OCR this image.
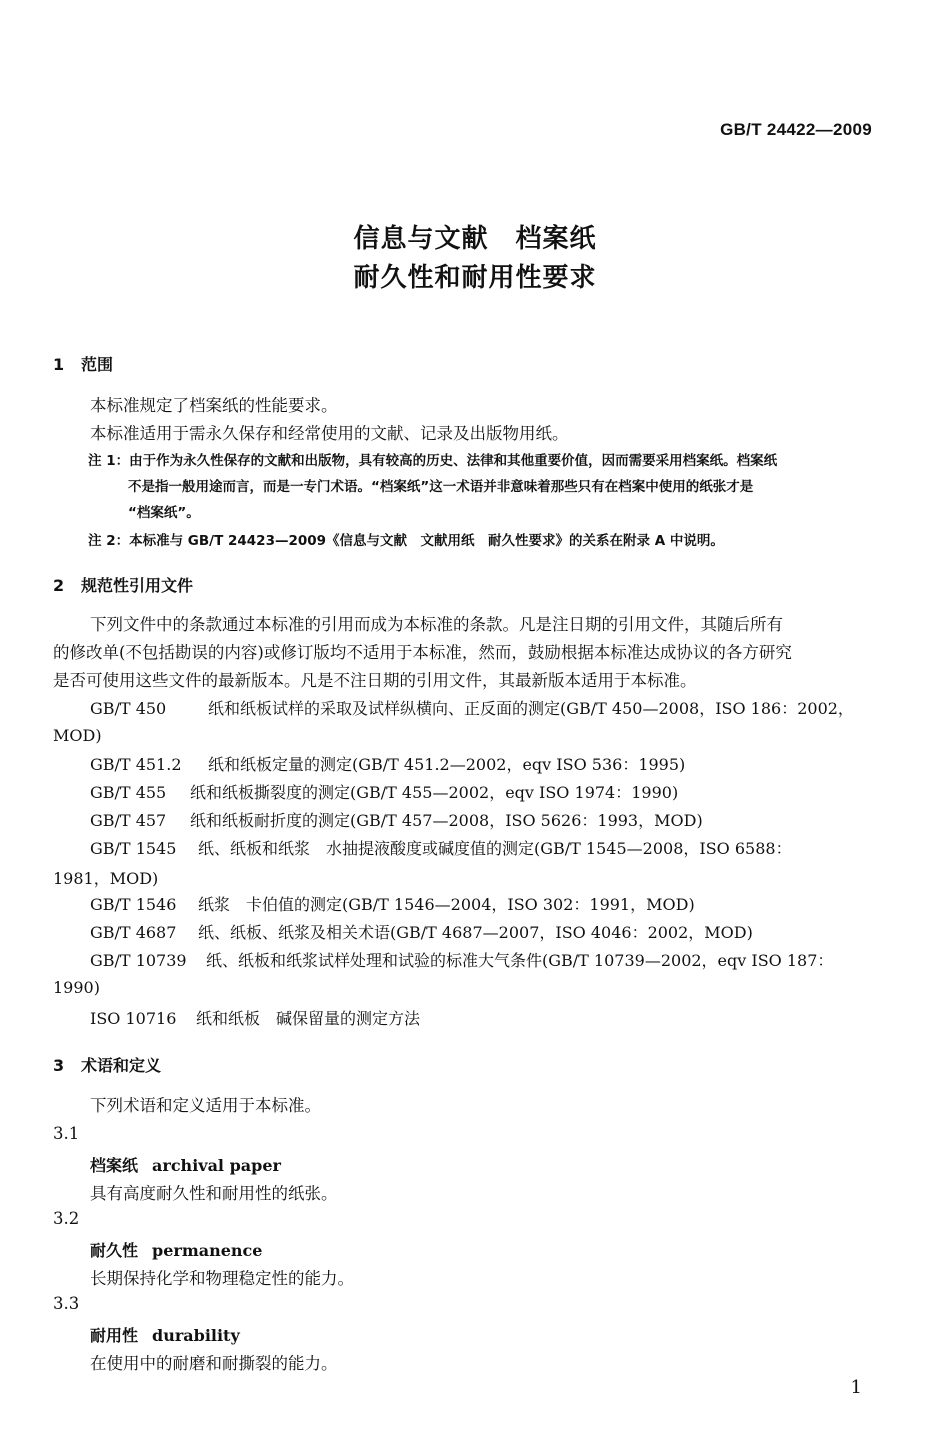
GB/T 24422—2009
信息与文献　档案纸
耐久性和耐用性要求
1 范围
本标准规定了档案纸的性能要求。
本标准适用于需永久保存和经常使用的文献、记录及出版物用纸。
注 1：由于作为永久性保存的文献和出版物，具有较高的历史、法律和其他重要价值，因而需要采用档案纸。档案纸
不是指一般用途而言，而是一专门术语。“档案纸”这一术语并非意味着那些只有在档案中使用的纸张才是
“档案纸”。
注 2：本标准与 GB/T 24423—2009《信息与文献　文献用纸　耐久性要求》的关系在附录 A 中说明。
2 规范性引用文件
下列文件中的条款通过本标准的引用而成为本标准的条款。凡是注日期的引用文件，其随后所有
的修改单(不包括勘误的内容)或修订版均不适用于本标准，然而，鼓励根据本标准达成协议的各方研究
是否可使用这些文件的最新版本。凡是不注日期的引用文件，其最新版本适用于本标准。
GB/T 450	纸和纸板试样的采取及试样纵横向、正反面的测定(GB/T 450—2008，ISO 186：2002，
MOD)
GB/T 451.2 纸和纸板定量的测定(GB/T 451.2—2002，eqv ISO 536：1995)
GB/T 455 纸和纸板撕裂度的测定(GB/T 455—2002，eqv ISO 1974：1990)
GB/T 457 纸和纸板耐折度的测定(GB/T 457—2008，ISO 5626：1993，MOD)
GB/T 1545 纸、纸板和纸浆　水抽提液酸度或碱度值的测定(GB/T 1545—2008，ISO 6588：
1981，MOD)
GB/T 1546 纸浆　卡伯值的测定(GB/T 1546—2004，ISO 302：1991，MOD)
GB/T 4687 纸、纸板、纸浆及相关术语(GB/T 4687—2007，ISO 4046：2002，MOD)
GB/T 10739 纸、纸板和纸浆试样处理和试验的标准大气条件(GB/T 10739—2002，eqv ISO 187：
1990)
ISO 10716 纸和纸板　碱保留量的测定方法
3 术语和定义
下列术语和定义适用于本标准。
3.1
档案纸 archival paper
具有高度耐久性和耐用性的纸张。
3.2
耐久性 permanence
长期保持化学和物理稳定性的能力。
3.3
耐用性 durability
在使用中的耐磨和耐撕裂的能力。
1
